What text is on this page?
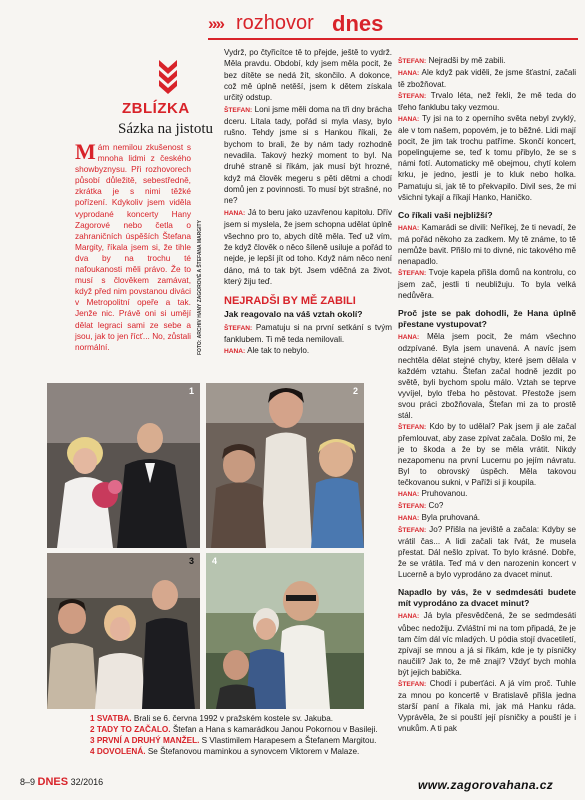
»» rozhovor dnes
ZBLÍZKA
Sázka na jistotu
Mám nemilou zkušenost s mnoha lidmi z českého showbyznysu. Při rozhovorech působí důležitě, sebestředně, zkrátka je s nimi těžké pořízení. Kdykoliv jsem viděla vyprodané koncerty Hany Zagorové nebo četla o zahraničních úspěších Štefana Margity, říkala jsem si, že tihle dva by na trochu té nafoukanosti měli právo. Že to musí s člověkem zamávat, když před nim povstanou diváci v Metropolitní opeře a tak. Jenže nic. Právě oni si umějí dělat legraci sami ze sebe a jsou, jak to jen řícť... No, zůstali normální.	FOTO: ARCHIV HANY ZAGOROVÉ A ŠTEFANA MARGITY

Vydrž, po čtyřicítce tě to přejde, ještě to vydrž. Měla pravdu. Období, kdy jsem měla pocit, že bez dítěte se nedá žít, skončilo. A dokonce, což mě úplně netěší, jsem k dětem získala určitý odstup.

ŠTEFAN: Loni jsme měli doma na tři dny brácha dceru. Lítala tady, pořád si myla vlasy, bylo rušno. Tehdy jsme si s Hankou říkali, že bychom to brali, že by nám tady rozhodně nevadila. Takový hezký moment to byl. Na druhé straně si říkám, jak musí být hrozné, když má člověk megeru s pěti dětmi a chodí domů jen z povinnosti. To musí být strašné, no ne?

HANA: Já to beru jako uzavřenou kapitolu. Dřív jsem si myslela, že jsem schopna udělat úplně všechno pro to, abych dítě měla. Teď už vím, že když člověk o něco šíleně usiluje a pořád to nejde, je lepší jít od toho. Když nám něco není dáno, má to tak být. Jsem vděčná za život, který žiju teď.

NEJRADŠI BY MĚ ZABILI
Jak reagovalo na váš vztah okolí?

ŠTEFAN: Pamatuju si na první setkání s tvým fanklubem. Ti mě teda nemilovali.

HANA: Ale tak to nebylo.

ŠTEFAN: Nejradši by mě zabili.

HANA: Ale když pak viděli, že jsme šťastní, začali tě zbožňovat.

ŠTEFAN: Trvalo léta, než řekli, že mě teda do třeho fanklubu taky vezmou.

HANA: Ty jsi na to z operního světa nebyl zvyklý, ale v tom našem, popovém, je to běžné. Lidi mají pocit, že jim tak trochu patříme. Skončí koncert, popelingujeme se, teď k tomu přibylo, že se s námi fotí. Automaticky mě obejmou, chytí kolem krku, je jedno, jestli je to kluk nebo holka. Pamatuju si, jak tě to překvapilo. Divil ses, že mi všichni tykají a říkají Hanko, Haničko.

Co říkali vaši nejbližší?

HANA: Kamarádi se divili: Neříkej, že ti nevadí, že má pořád někoho za zadkem. My tě známe, to tě nemůže bavit. Přišlo mi to divné, nic takového mě nenapadlo.

ŠTEFAN: Tvoje kapela přišla domů na kontrolu, co jsem zač, jestli ti neubližuju. To byla velká nedůvěra.

Proč jste se pak dohodli, že Hana úplně přestane vystupovat?

HANA: Měla jsem pocit, že mám všechno odzpívané. Byla jsem unavená. A navíc jsem nechtěla dělat stejné chyby, které jsem dělala v každém vztahu. Štefan začal hodně jezdit po světě, byli bychom spolu málo. Vztah se teprve vyvíjel, bylo třeba ho pěstovat. Přestože jsem svou práci zbožňovala, Štefan mi za to prostě stál.

ŠTEFAN: Kdo by to udělal? Pak jsem ji ale začal přemlouvat, aby zase zpívat začala. Došlo mi, že je to škoda a že by se měla vrátit. Nikdy nezapomenu na první Lucernu po jejím návratu. Byl to obrovský úspěch. Měla takovou tečkovanou sukni, v Paříži si ji koupila.

HANA: Pruhovanou.

ŠTEFAN: Co?

HANA: Byla pruhovaná.

ŠTEFAN: Jo? Přišla na jeviště a začala: Kdyby se vrátil čas... A lidi začali tak řvát, že musela přestat. Dál nešlo zpívat. To bylo krásné. Dobře, že se vrátila. Teď má v den narozenin koncert v Lucerně a bylo vyprodáno za dvacet minut.

Napadlo by vás, že v sedmdesáti budete mít vyprodáno za dvacet minut?

HANA: Já byla přesvědčená, že se sedmdesáti vůbec nedožiju. Zvláštní mi na tom připadá, že je tam čím dál víc mladých. U pódia stojí dvacetiletí, zpívají se mnou a já si říkám, kde je ty písničky naučili? Jak to, že mě znají? Vždyť bych mohla být jejich babička.

ŠTEFAN: Chodí i puberťáci. A já vím proč. Tuhle za mnou po koncertě v Bratislavě přišla jedna starší paní a říkala mi, jak má Hanku ráda. Vyprávěla, že si pouští její písničky a pouští je i vnukům. A ti pak

1	2
3 4
1 SVATBA. Brali se 6. června 1992 v pražském kostele sv. Jakuba.
2 TADY TO ZAČALO. Štefan a Hana s kamarádkou Janou Pokornou v Basileji.
3 PRVNÍ A DRUHÝ MANŽEL. S Vlastimilem Harapesem a Štefanem Margitou.
4 DOVOLENÁ. Se Štefanovou maminkou a synovcem Viktorem v Malaze.
8–9 DNES 32/2016	www.zagorovahana.cz
